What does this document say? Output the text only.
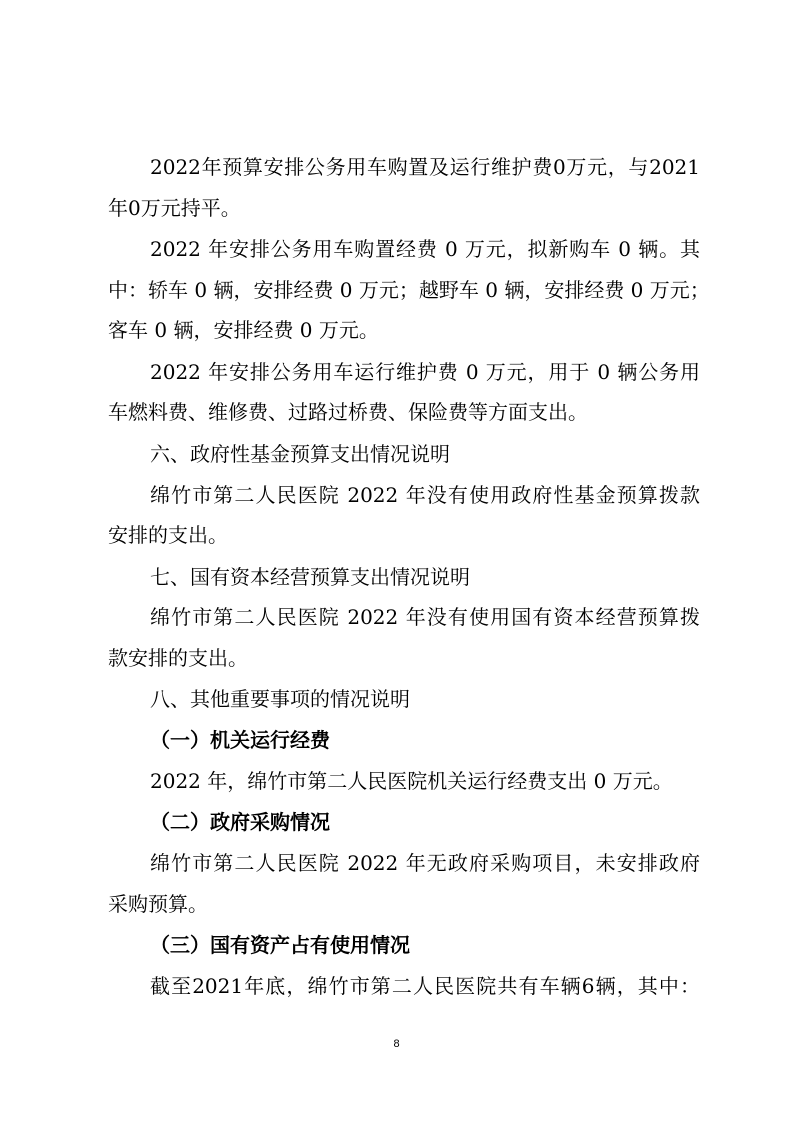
2022年预算安排公务用车购置及运行维护费0万元，与2021
年0万元持平。
2022 年安排公务用车购置经费 0 万元，拟新购车 0 辆。其
中：轿车 0 辆，安排经费 0 万元；越野车 0 辆，安排经费 0 万元；
客车 0 辆，安排经费 0 万元。
2022 年安排公务用车运行维护费 0 万元，用于 0 辆公务用
车燃料费、维修费、过路过桥费、保险费等方面支出。
六、政府性基金预算支出情况说明
绵竹市第二人民医院 2022 年没有使用政府性基金预算拨款
安排的支出。
七、国有资本经营预算支出情况说明
绵竹市第二人民医院 2022 年没有使用国有资本经营预算拨
款安排的支出。
八、其他重要事项的情况说明
（一）机关运行经费
2022 年，绵竹市第二人民医院机关运行经费支出 0 万元。
（二）政府采购情况
绵竹市第二人民医院 2022 年无政府采购项目，未安排政府
采购预算。
（三）国有资产占有使用情况
截至2021年底，绵竹市第二人民医院共有车辆6辆，其中：
8
